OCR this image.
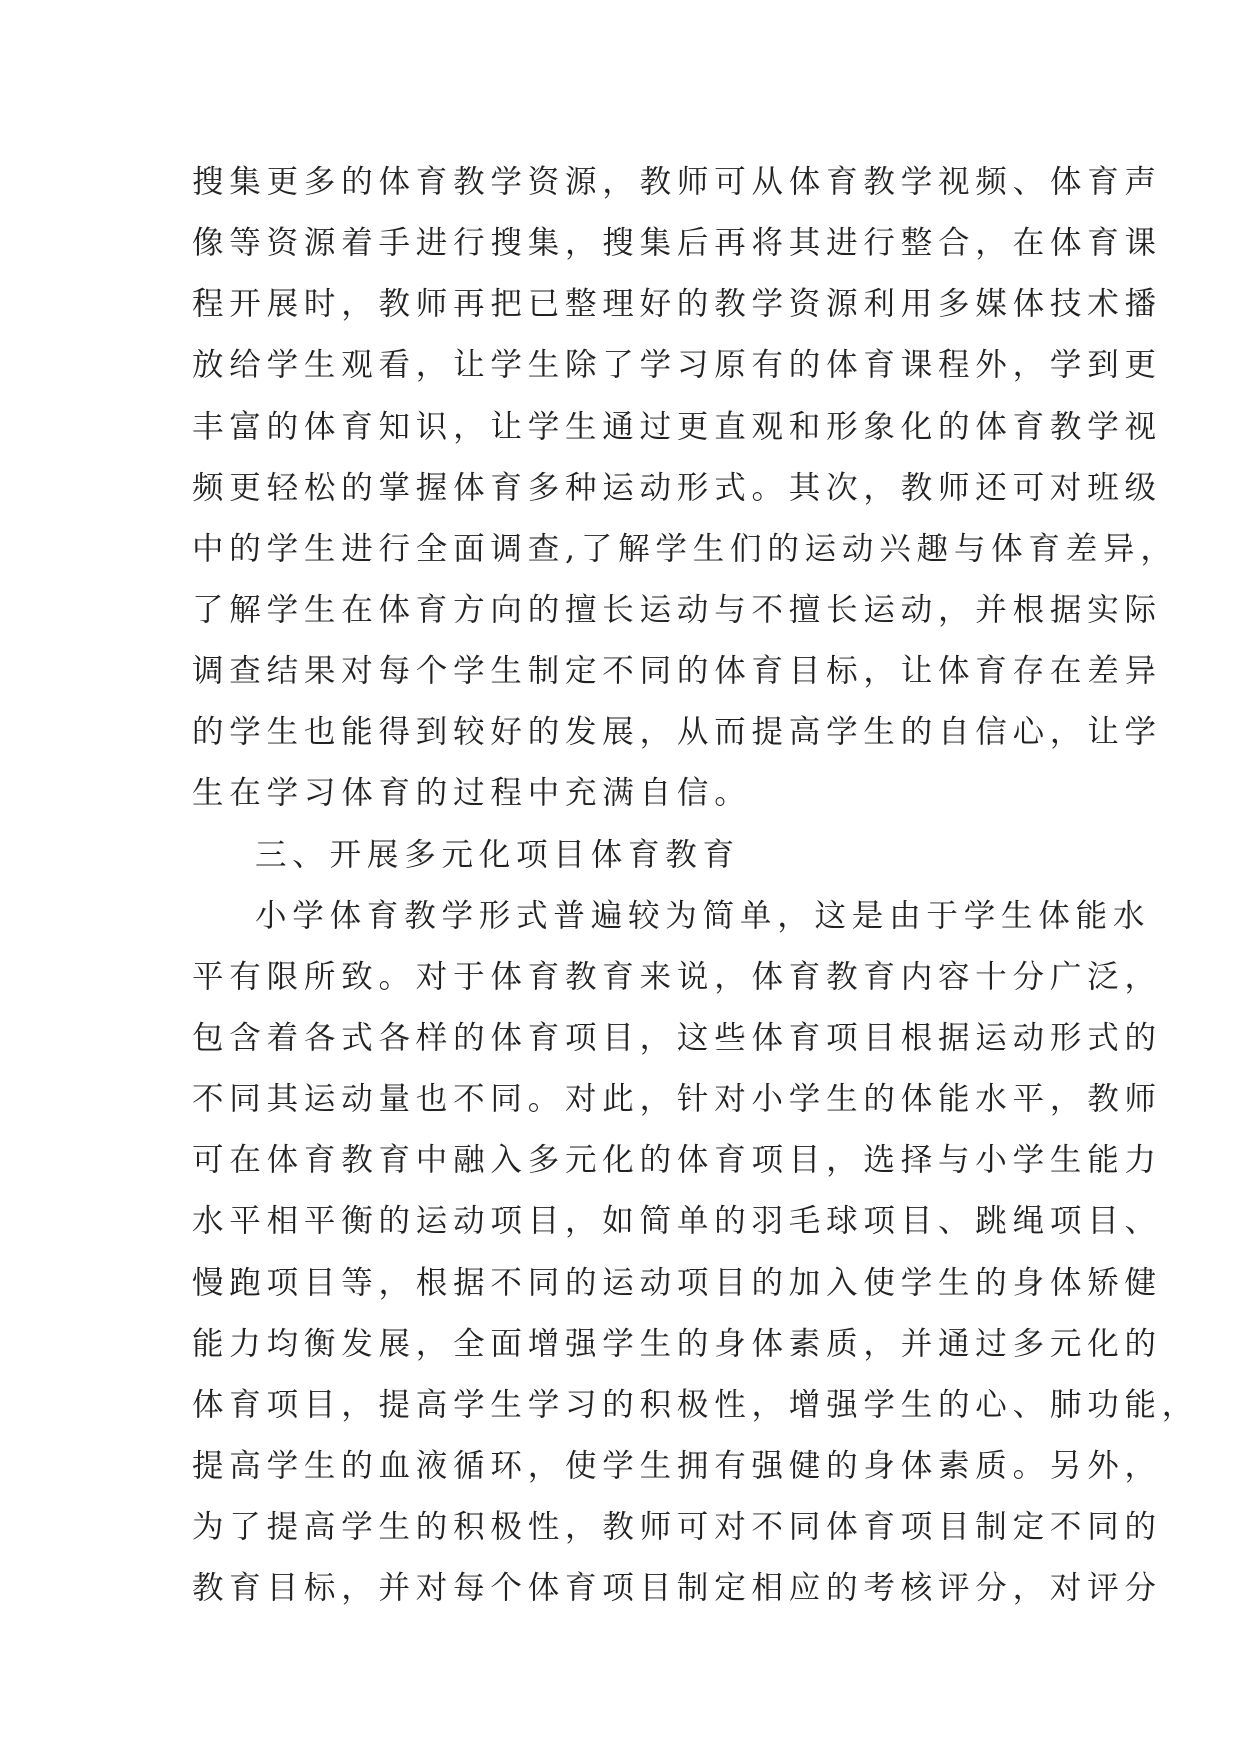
搜集更多的体育教学资源，教师可从体育教学视频、体育声
像等资源着手进行搜集，搜集后再将其进行整合，在体育课
程开展时，教师再把已整理好的教学资源利用多媒体技术播
放给学生观看，让学生除了学习原有的体育课程外，学到更
丰富的体育知识，让学生通过更直观和形象化的体育教学视
频更轻松的掌握体育多种运动形式。其次，教师还可对班级
中的学生进行全面调查,了解学生们的运动兴趣与体育差异，
了解学生在体育方向的擅长运动与不擅长运动，并根据实际
调查结果对每个学生制定不同的体育目标，让体育存在差异
的学生也能得到较好的发展，从而提高学生的自信心，让学
生在学习体育的过程中充满自信。
三、开展多元化项目体育教育
小学体育教学形式普遍较为简单，这是由于学生体能水
平有限所致。对于体育教育来说，体育教育内容十分广泛，
包含着各式各样的体育项目，这些体育项目根据运动形式的
不同其运动量也不同。对此，针对小学生的体能水平，教师
可在体育教育中融入多元化的体育项目，选择与小学生能力
水平相平衡的运动项目，如简单的羽毛球项目、跳绳项目、
慢跑项目等，根据不同的运动项目的加入使学生的身体矫健
能力均衡发展，全面增强学生的身体素质，并通过多元化的
体育项目，提高学生学习的积极性，增强学生的心、肺功能，
提高学生的血液循环，使学生拥有强健的身体素质。另外，
为了提高学生的积极性，教师可对不同体育项目制定不同的
教育目标，并对每个体育项目制定相应的考核评分，对评分
